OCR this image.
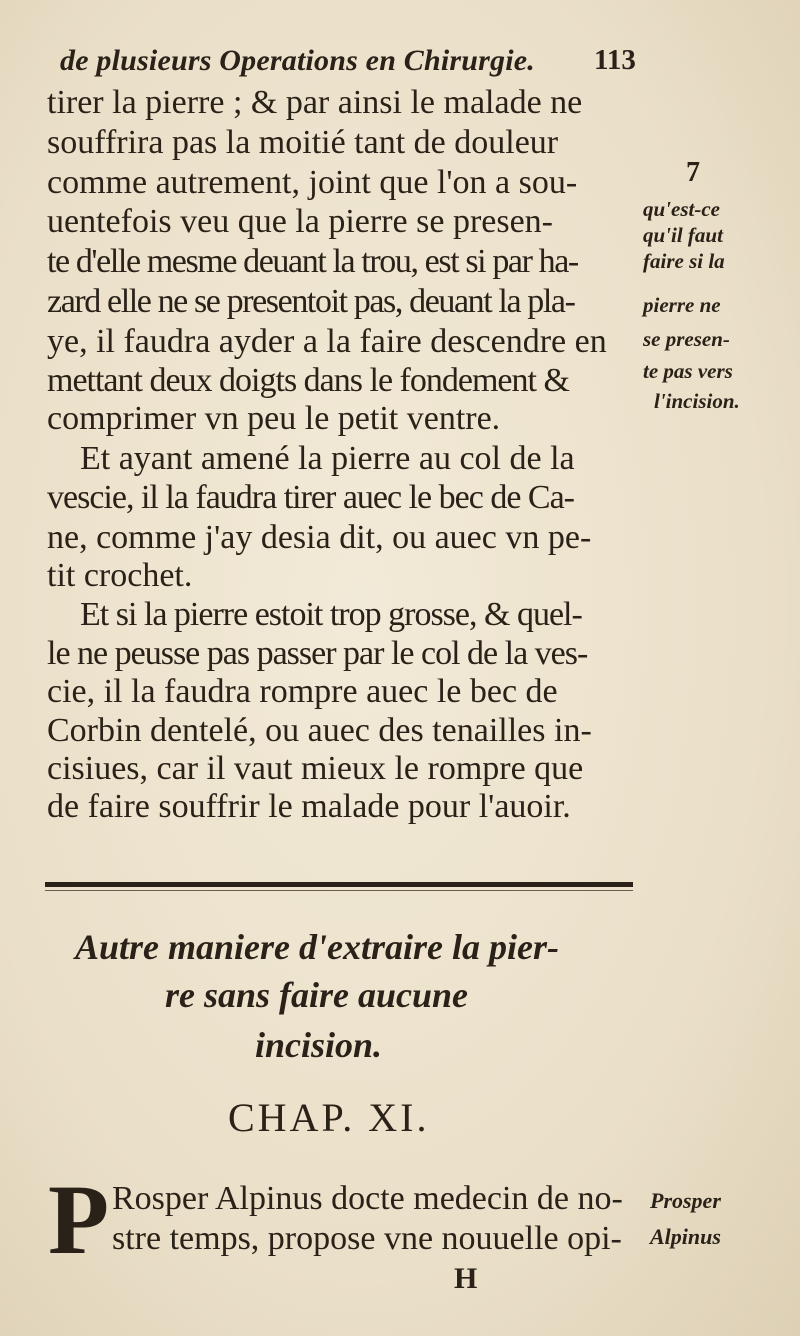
de plusieurs Operations en Chirurgie.	113
tirer la pierre ; & par ainsi le malade ne
souffrira pas la moitié tant de douleur
comme autrement, joint que l'on a sou-
uentefois veu que la pierre se presen-
te d'elle mesme deuant la trou, est si par ha-
zard elle ne se presentoit pas, deuant la pla-
ye, il faudra ayder a la faire descendre en
mettant deux doigts dans le fondement &
comprimer vn peu le petit ventre.
Et ayant amené la pierre au col de la
vescie, il la faudra tirer auec le bec de Ca-
ne, comme j'ay desia dit, ou auec vn pe-
tit crochet.
Et si la pierre estoit trop grosse, & quel-
le ne peusse pas passer par le col de la ves-
cie, il la faudra rompre auec le bec de
Corbin dentelé, ou auec des tenailles in-
cisiues, car il vaut mieux le rompre que
de faire souffrir le malade pour l'auoir.
7
qu'est-ce
qu'il faut
faire si la
pierre ne
se presen-
te pas vers
l'incision.
Autre maniere d'extraire la pier-
re sans faire aucune
incision.
CHAP. XI.
P Rosper Alpinus docte medecin de no-
stre temps, propose vne nouuelle opi-
Prosper
Alpinus
H
